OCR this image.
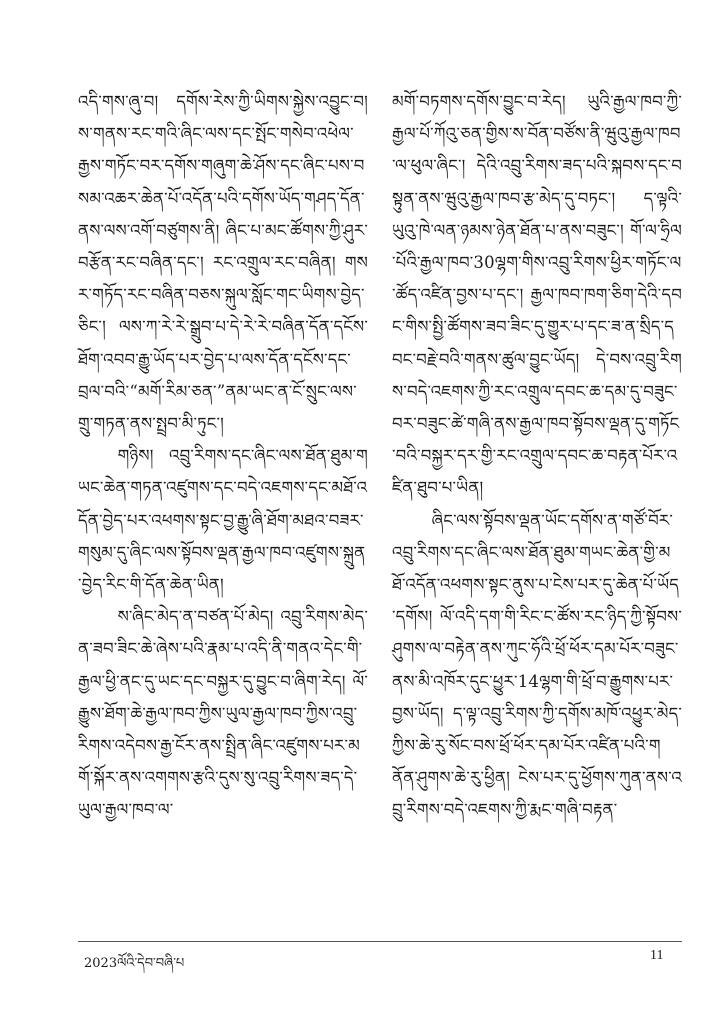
འདི་གས་ཞུ་བ། དགོས་རེས་ཀྱི་ཡིགས་སྐྱེས་འབྱུང་བ། ས་གནས་རང་གའི་ཞིང་ལས་དང་སྤོང་གསེབ་འཕེལ་རྒྱས་གཏོང་བར་དགོས་གཞུག་ཆེ་ཤོས་དང་ཞིང་པས་བསམ་འཆར་ཆེན་པོ་འདོན་པའི་དགོས་ཡོད་གཤད་དོན་ནས་ལས་འགོ་བཙུགས་ནི། ཞིང་པ་མང་ཚོགས་ཀྱི་ཤུར་བརྩོན་རང་བཞིན་དང་། རང་འགྲུལ་རང་བཞིན། གསར་གཏོད་རང་བཞིན་བཅས་སྐུལ་སློང་གང་ཡིགས་བྱེད་ཅིང་། ལས་ཀ་རེ་རེ་སྒྲུབ་པ་དེ་རེ་རེ་བཞིན་དོན་དངོས་ཐོག་འབབ་རྒྱུ་ཡོད་པར་བྱེད་པ་ལས་དོན་དངོས་དང་བྲལ་བའི་“མགོ་རིམ་ཅན་”ནམ་ཡང་ན་ངོ་སྲུང་ལས་གྲུ་གཏན་ནས་སྤྲབ་མི་ཏུང་།

གཉིས། འབྲུ་རིགས་དང་ཞིང་ལས་ཐོན་ཐུམ་གཡང་ཆེན་གཏན་འཛུགས་དང་བདེ་འཇགས་དང་མཐོ་འདོན་བྱེད་པར་འཕགས་སྟང་བྱ་རྒྱུ་ཞི་ཐོག་མཐའ་བཟར་གསུམ་དུ་ཞིང་ལས་སྟོབས་ལྡན་རྒྱལ་ཁབ་འཛུགས་སྐྲུན་བྱེད་རིང་གི་དོན་ཆེན་ཡིན།

ས་ཞིང་མེད་ན་བཙན་པོ་མེད། འབྲུ་རིགས་མེད་ན་ཟབ་ཟིང་ཆེ་ཞེས་པའི་རྣམ་པ་འདི་ནི་གནའ་དེང་གི་རྒྱལ་ཕྱི་ནང་དུ་ཡང་དང་བསྐྱར་དུ་བྱུང་བ་ཞིག་རེད། ལོ་རྒྱུས་ཐོག་ཆེ་རྒྱལ་ཁབ་ཀྱིས་ཡུལ་རྒྱལ་ཁབ་ཀྱིས་འབྲུ་རིགས་འདེབས་རྒྱ་ངོར་ནས་སྤྲིན་ཞིང་འཛུགས་པར་མགོ་སྐོར་ནས་འགགས་རྩའི་དུས་སུ་འབྲུ་རིགས་ཟད་དེ་ཡུལ་རྒྱལ་ཁབ་ལ་

མགོ་བཏགས་དགོས་བྱུང་བ་རེད། ཡུའི་རྒྱལ་ཁབ་ཀྱི་རྒྱལ་པོ་ཀོའུ་ཅན་གྱིས་ས་བོན་བཙོས་ནི་ཝུའུ་རྒྱལ་ཁབ་ལ་ཕུལ་ཞིང་། དེའི་འབྲུ་རིགས་ཟད་པའི་སྐབས་དང་བསྟུན་ནས་ཝུའུ་རྒྱལ་ཁབ་རྩ་མེད་དུ་བཏང་། ད་ལྟའི་ཡུའུ་ཁེ་ལན་ཉམས་ཉེན་ཐོན་པ་ནས་བཟུང་། གོ་ལ་ཧྲིལ་པོའི་རྒྱལ་ཁབ་30ལྷག་གིས་འབྲུ་རིགས་ཕྱིར་གཏོང་ལ་ཚོད་འཛིན་བྱས་པ་དང་། རྒྱལ་ཁབ་ཁག་ཅིག་དེའི་དབང་གིས་སྤྱི་ཚོགས་ཟབ་ཟིང་དུ་གྱུར་པ་དང་ཟ་ན་སྲིད་དབང་བརྗེ་བའི་གནས་ཚུལ་བྱུང་ཡོད། དེ་བས་འབྲུ་རིགས་བདེ་འཇགས་ཀྱི་རང་འགྲུལ་དབང་ཆ་དམ་དུ་བཟུང་བར་བཟུང་ཚེ་གཞི་ནས་རྒྱལ་ཁབ་སྟོབས་ལྡན་དུ་གཏོང་བའི་བསྐྱར་དར་གྱི་རང་འགྲུལ་དབང་ཆ་བརྟན་པོར་འཛིན་ཐུབ་པ་ཡིན།

ཞིང་ལས་སྟོབས་ལྡན་ཡོང་དགོས་ན་གཙོ་བོར་འབྲུ་རིགས་དང་ཞིང་ལས་ཐོན་ཐུམ་གཡང་ཆེན་གྱི་མཐོ་འདོན་འཕགས་སྟང་ནུས་པ་ངེས་པར་དུ་ཆེན་པོ་ཡོད་དགོས། ལོ་འདི་དག་གི་རིང་ང་ཚོས་རང་ཉིད་ཀྱི་སྟོབས་ཤུགས་ལ་བརྟེན་ནས་ཀུང་ཧོའི་ཕྲོ་ཕོར་དམ་པོར་བཟུང་ནས་མི་འཁོར་དུང་ཕྱུར་14ལྷག་གི་ཕྲོ་བ་རྒྱུགས་པར་བྱས་ཡོད། ད་ལྟ་འབྲུ་རིགས་ཀྱི་དགོས་མཁོ་འཕྱུར་མེད་ཀྱིས་ཆེ་རུ་སོང་བས་ཕྲོ་ཕོར་དམ་པོར་འཛིན་པའི་གནོན་ཤུགས་ཆེ་རུ་ཕྱིན། ངེས་པར་དུ་ཕྱོགས་ཀུན་ནས་འབྲུ་རིགས་བདེ་འཇགས་ཀྱི་རྨང་གཞི་བརྟན་

2023ལོའི་དེབ་བཞི་པ
11
